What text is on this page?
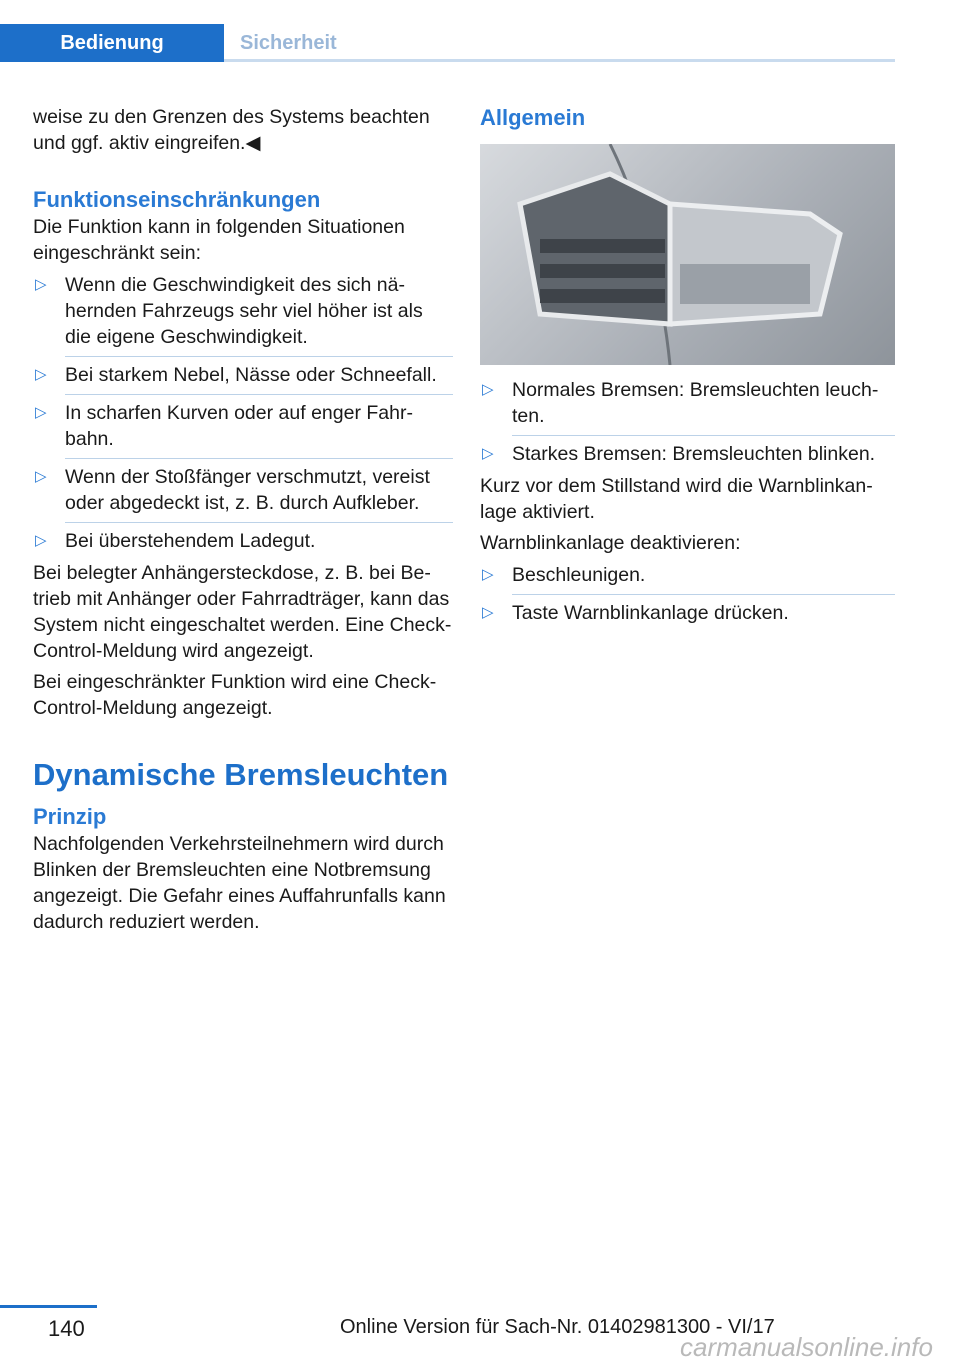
Bedienung	Sicherheit

weise zu den Grenzen des Systems beachten und ggf. aktiv eingreifen.◀

Funktionseinschränkungen

Die Funktion kann in folgenden Situationen eingeschränkt sein:

▷ Wenn die Geschwindigkeit des sich nähernden Fahrzeugs sehr viel höher ist als die eigene Geschwindigkeit.
▷ Bei starkem Nebel, Nässe oder Schneefall.
▷ In scharfen Kurven oder auf enger Fahrbahn.
▷ Wenn der Stoßfänger verschmutzt, vereist oder abgedeckt ist, z. B. durch Aufkleber.
▷ Bei überstehendem Ladegut.

Bei belegter Anhängersteckdose, z. B. bei Betrieb mit Anhänger oder Fahrradträger, kann das System nicht eingeschaltet werden. Eine Check-Control-Meldung wird angezeigt.

Bei eingeschränkter Funktion wird eine Check-Control-Meldung angezeigt.

Dynamische Bremsleuchten
Prinzip

Nachfolgenden Verkehrsteilnehmern wird durch Blinken der Bremsleuchten eine Notbremsung angezeigt. Die Gefahr eines Auffahrunfalls kann dadurch reduziert werden.

Allgemein
▷ Normales Bremsen: Bremsleuchten leuchten.
▷ Starkes Bremsen: Bremsleuchten blinken.

Kurz vor dem Stillstand wird die Warnblinkanlage aktiviert.

Warnblinkanlage deaktivieren:

▷ Beschleunigen.
▷ Taste Warnblinkanlage drücken.
140	Online Version für Sach-Nr. 01402981300 - VI/17
carmanualsonline.info
